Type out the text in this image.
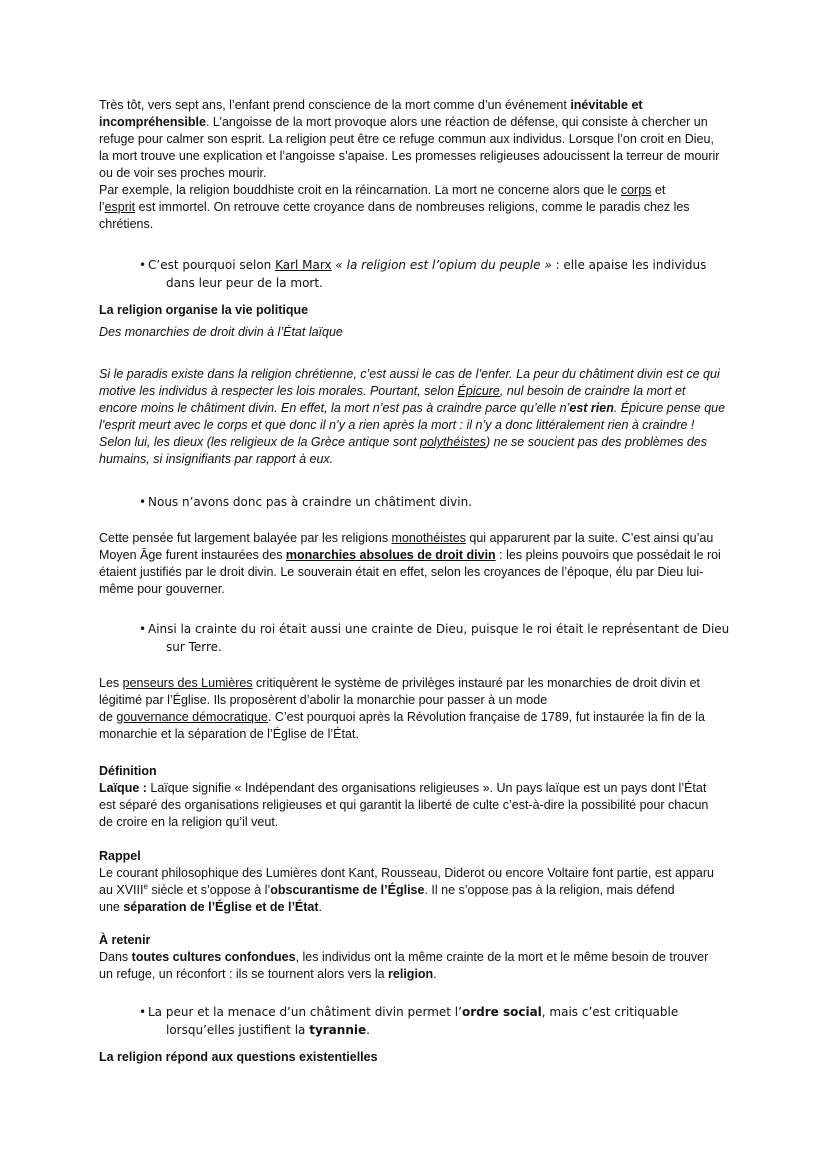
Très tôt, vers sept ans, l’enfant prend conscience de la mort comme d’un événement inévitable et
incompréhensible. L’angoisse de la mort provoque alors une réaction de défense, qui consiste à chercher un
refuge pour calmer son esprit. La religion peut être ce refuge commun aux individus. Lorsque l’on croit en Dieu,
la mort trouve une explication et l’angoisse s’apaise. Les promesses religieuses adoucissent la terreur de mourir
ou de voir ses proches mourir.
Par exemple, la religion bouddhiste croit en la réincarnation. La mort ne concerne alors que le corps et
l’esprit est immortel. On retrouve cette croyance dans de nombreuses religions, comme le paradis chez les
chrétiens.
• C’est pourquoi selon Karl Marx « la religion est l’opium du peuple » : elle apaise les individus
dans leur peur de la mort.
La religion organise la vie politique
Des monarchies de droit divin à l’État laïque
Si le paradis existe dans la religion chrétienne, c’est aussi le cas de l’enfer. La peur du châtiment divin est ce qui
motive les individus à respecter les lois morales. Pourtant, selon Épicure, nul besoin de craindre la mort et
encore moins le châtiment divin. En effet, la mort n’est pas à craindre parce qu’elle n’est rien. Épicure pense que
l’esprit meurt avec le corps et que donc il n’y a rien après la mort : il n’y a donc littéralement rien à craindre !
Selon lui, les dieux (les religieux de la Grèce antique sont polythéistes) ne se soucient pas des problèmes des
humains, si insignifiants par rapport à eux.
• Nous n’avons donc pas à craindre un châtiment divin.
Cette pensée fut largement balayée par les religions monothéistes qui apparurent par la suite. C’est ainsi qu’au
Moyen Âge furent instaurées des monarchies absolues de droit divin : les pleins pouvoirs que possédait le roi
étaient justifiés par le droit divin. Le souverain était en effet, selon les croyances de l’époque, élu par Dieu lui-
même pour gouverner.
• Ainsi la crainte du roi était aussi une crainte de Dieu, puisque le roi était le représentant de Dieu
sur Terre.
Les penseurs des Lumières critiquèrent le système de privilèges instauré par les monarchies de droit divin et
légitimé par l’Église. Ils proposèrent d’abolir la monarchie pour passer à un mode
de gouvernance démocratique. C’est pourquoi après la Révolution française de 1789, fut instaurée la fin de la
monarchie et la séparation de l’Église de l’État.
Définition
Laïque : Laïque signifie « Indépendant des organisations religieuses ». Un pays laïque est un pays dont l’État
est séparé des organisations religieuses et qui garantit la liberté de culte c’est-à-dire la possibilité pour chacun
de croire en la religion qu’il veut.
Rappel
Le courant philosophique des Lumières dont Kant, Rousseau, Diderot ou encore Voltaire font partie, est apparu
au XVIIIe siècle et s’oppose à l’obscurantisme de l’Église. Il ne s’oppose pas à la religion, mais défend
une séparation de l’Église et de l’État.
À retenir
Dans toutes cultures confondues, les individus ont la même crainte de la mort et le même besoin de trouver
un refuge, un réconfort : ils se tournent alors vers la religion.
• La peur et la menace d’un châtiment divin permet l’ordre social, mais c’est critiquable
lorsqu’elles justifient la tyrannie.
La religion répond aux questions existentielles
